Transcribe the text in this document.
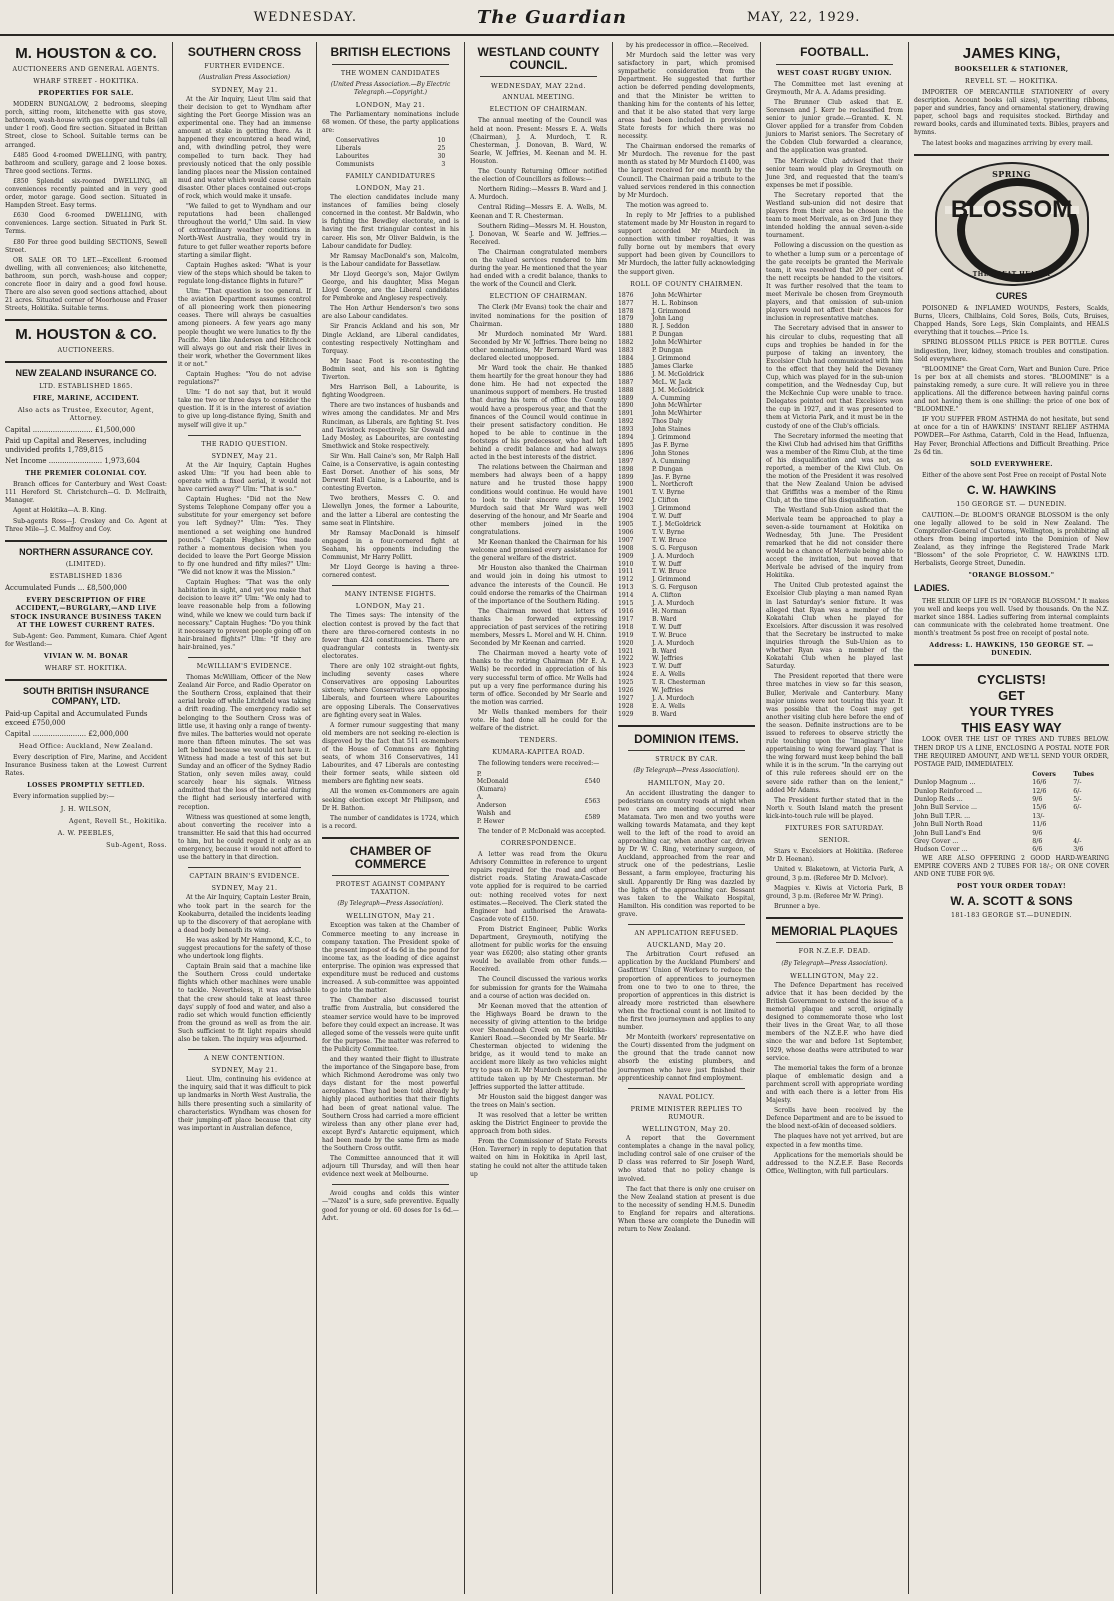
WEDNESDAY.	The Guardian	MAY, 22, 1929.
M. HOUSTON & CO.
AUCTIONEERS AND GENERAL AGENTS.
WHARF STREET - HOKITIKA.
PROPERTIES FOR SALE.

MODERN BUNGALOW, 2 bedrooms, sleeping porch, sitting room, kitchenette with gas stove, bathroom, wash-house with gas copper and tubs (all under 1 roof). Good fire section. Situated in Brittan Street, close to School. Suitable terms can be arranged.

£485 Good 4-roomed DWELLING, with pantry, bathroom and scullery, garage and 2 loose boxes. Three good sections. Terms.

£850 Splendid six-roomed DWELLING, all conveniences recently painted and in very good order, motor garage. Good section. Situated in Hampden Street. Easy terms.

£630 Good 6-roomed DWELLING, with conveniences. Large section. Situated in Park St. Terms.

£80 For three good building SECTIONS, Sewell Street.

OR SALE OR TO LET.—Excellent 6-roomed dwelling, with all conveniences; also kitchenette, bathroom, sun porch, wash-house and copper; concrete floor in dairy and a good fowl house. There are also seven good sections attached, about 21 acres. Situated corner of Moorhouse and Fraser Streets, Hokitika. Suitable terms.

M. HOUSTON & CO.
AUCTIONEERS.
NEW ZEALAND INSURANCE CO.
LTD. ESTABLISHED 1865.
FIRE, MARINE, ACCIDENT.
Also acts as Trustee, Executor, Agent, Attorney.
Capital ........................... £1,500,000
Paid up Capital and Reserves, including undivided profits 1,789,815
Net Income ........................ 1,973,604
THE PREMIER COLONIAL COY.

Branch offices for Canterbury and West Coast: 111 Hereford St. Christchurch—G. D. McIlraith, Manager.

Agent at Hokitika—A. B. King.

Sub-agents Ross—J. Croskey and Co. Agent at Three Mile—J. C. Malfroy and Coy.

NORTHERN ASSURANCE COY.
(LIMITED).
ESTABLISHED 1836
Accumulated Funds ... £8,500,000
EVERY DESCRIPTION OF FIRE ACCIDENT,—BURGLARY,—AND LIVE STOCK INSURANCE BUSINESS TAKEN AT THE LOWEST CURRENT RATES.

Sub-Agent: Geo. Pamment, Kumara. Chief Agent for Westland:—

VIVIAN W. M. BONAR
WHARF ST. HOKITIKA.
SOUTH BRITISH INSURANCE COMPANY, LTD.
Paid-up Capital and Accumulated Funds exceed £750,000
Capital ........................ £2,000,000
Head Office: Auckland, New Zealand.

Every description of Fire, Marine, and Accident Insurance Business taken at the Lowest Current Rates.

LOSSES PROMPTLY SETTLED.

Every information supplied by:—

J. H. WILSON,
Agent, Revell St., Hokitika.
A. W. PEEBLES,
Sub-Agent, Ross.
SOUTHERN CROSS
FURTHER EVIDENCE.
(Australian Press Association)
SYDNEY, May 21.

At the Air Inquiry, Lieut Ulm said that their decision to get to Wyndham after sighting the Port George Mission was an experimental one. They had an immense amount at stake in getting there. As it happened they encountered a head wind, and, with dwindling petrol, they were compelled to turn back. They had previously noticed that the only possible landing places near the Mission contained mud and water which would cause certain disaster. Other places contained out-crops of rock, which would make it unsafe.

"We failed to get to Wyndham and our reputations had been challenged throughout the world," Ulm said. In view of extraordinary weather conditions in North-West Australia, they would try in future to get fuller weather reports before starting a similar flight.

Captain Hughes asked: "What is your view of the steps which should be taken to regulate long-distance flights in future?"

Ulm: "That question is too general. If the aviation Department assumes control of all pioneering work then pioneering ceases. There will always be casualties among pioneers. A few years ago many people thought we were lunatics to fly the Pacific. Men like Anderson and Hitchcock will always go out and risk their lives in their work, whether the Government likes it or not."

Captain Hughes: "You do not advise regulations?"

Ulm: "I do not say that, but it would take me two or three days to consider the question. If it is in the interest of aviation to give up long-distance flying, Smith and myself will give it up."

THE RADIO QUESTION.
SYDNEY, May 21.

At the Air Inquiry, Captain Hughes asked Ulm: "If you had been able to operate with a fixed aerial, it would not have carried away?" Ulm: "That is so."

Captain Hughes: "Did not the New Systems Telephone Company offer you a substitute for your emergency set before you left Sydney?" Ulm: "Yes. They mentioned a set weighing one hundred pounds." Captain Hughes: "You made rather a momentous decision when you decided to leave the Port George Mission to fly one hundred and fifty miles?" Ulm: "We did not know it was the Mission."

Captain Hughes: "That was the only habitation in sight, and yet you make that decision to leave it?" Ulm: "We only had to leave reasonable help from a following wind, while we knew we could turn back if necessary." Captain Hughes: "Do you think it necessary to prevent people going off on hair-brained flights?" Ulm: "If they are hair-brained, yes."

McWILLIAM'S EVIDENCE.

Thomas McWilliam, Officer of the New Zealand Air Force, and Radio Operator on the Southern Cross, explained that their aerial broke off while Litchfield was taking a drift reading. The emergency radio set belonging to the Southern Cross was of little use, it having only a range of twenty-five miles. The batteries would not operate more than fifteen minutes. The set was left behind because we would not have it. Witness had made a test of this set but Sunday and an officer of the Sydney Radio Station, only seven miles away, could scarcely hear his signals. Witness admitted that the loss of the aerial during the flight had seriously interfered with reception.

Witness was questioned at some length, about converting the receiver into a transmitter. He said that this had occurred to him, but he could regard it only as an emergency, because it would not afford to use the battery in that direction.

CAPTAIN BRAIN'S EVIDENCE.
SYDNEY, May 21.

At the Air Inquiry, Captain Lester Brain, who took part in the search for the Kookaburra, detailed the incidents leading up to the discovery of that aeroplane with a dead body beneath its wing.

He was asked by Mr Hammond, K.C., to suggest precautions for the safety of those who undertook long flights.

Captain Brain said that a machine like the Southern Cross could undertake flights which other machines were unable to tackle. Nevertheless, it was advisable that the crew should take at least three days' supply of food and water, and also a radio set which would function efficiently from the ground as well as from the air. Such sufficient to fit light repairs should also be taken. The inquiry was adjourned.

A NEW CONTENTION.
SYDNEY, May 21.

Lieut. Ulm, continuing his evidence at the inquiry, said that it was difficult to pick up landmarks in North West Australia, the hills there presenting such a similarity of characteristics. Wyndham was chosen for their jumping-off place because that city was important in Australian defence,

BRITISH ELECTIONS
THE WOMEN CANDIDATES
(United Press Association.—By Electric Telegraph.—Copyright.)
LONDON, May 21.

The Parliamentary nominations include 68 women. Of these, the party applications are:

Conservatives	10
Liberals	25
Labourites	30
Communists	3
FAMILY CANDIDATURES
LONDON, May 21.

The election candidates include many instances of families being closely concerned in the contest. Mr Baldwin, who is fighting the Bewdley electorate, and is having the first triangular contest in his career. His son, Mr Oliver Baldwin, is the Labour candidate for Dudley.

Mr Ramsay MacDonald's son, Malcolm, is the Labour candidate for Bassetlaw.

Mr Lloyd George's son, Major Gwilym George, and his daughter, Miss Megan Lloyd George, are the Liberal candidates for Pembroke and Anglesey respectively.

The Hon Arthur Henderson's two sons are also Labour candidates.

Sir Francis Ackland and his son, Mr Dingle Ackland, are Liberal candidates, contesting respectively Nottingham and Torquay.

Mr Isaac Foot is re-contesting the Bodmin seat, and his son is fighting Tiverton.

Mrs Harrison Bell, a Labourite, is fighting Woodgreen.

There are two instances of husbands and wives among the candidates. Mr and Mrs Runciman, as Liberals, are fighting St. Ives and Tavistock respectively. Sir Oswald and Lady Mosley, as Labourites, are contesting Smethwick and Stoke respectively.

Sir Wm. Hall Caine's son, Mr Ralph Hall Caine, is a Conservative, is again contesting East Dorset. Another of his sons, Mr Derwent Hall Caine, is a Labourite, and is contesting Everton.

Two brothers, Messrs C. O. and Llewellyn Jones, the former a Labourite, and the latter a Liberal are contesting the same seat in Flintshire.

Mr Ramsay MacDonald is himself engaged in a four-cornered fight at Seaham, his opponents including the Communist, Mr Harry Pollitt.

Mr Lloyd George is having a three-cornered contest.

MANY INTENSE FIGHTS.
LONDON, May 21.

The Times says: The intensity of the election contest is proved by the fact that there are three-cornered contests in no fewer than 424 constituencies. There are quadrangular contests in twenty-six electorates.

There are only 102 straight-out fights, including seventy cases where Conservatives are opposing Labourites sixteen; where Conservatives are opposing Liberals, and fourteen where Labourites are opposing Liberals. The Conservatives are fighting every seat in Wales.

A former rumour suggesting that many old members are not seeking re-election is disproved by the fact that 511 ex-members of the House of Commons are fighting seats, of whom 316 Conservatives, 141 Labourites, and 47 Liberals are contesting their former seats, while sixteen old members are fighting new seats.

All the women ex-Commoners are again seeking election except Mr Philipson, and Dr H. Bathon.

The number of candidates is 1724, which is a record.

CHAMBER OF COMMERCE
PROTEST AGAINST COMPANY TAXATION.
(By Telegraph—Press Association).
WELLINGTON, May 21.

Exception was taken at the Chamber of Commerce meeting to any increase in company taxation. The President spoke of the present impost of 4s 6d in the pound for income tax, as the loading of dice against enterprise. The opinion was expressed that expenditure must be reduced and customs increased. A sub-committee was appointed to go into the matter.

The Chamber also discussed tourist traffic from Australia, but considered the steamer service would have to be improved before they could expect an increase. It was alleged some of the vessels were quite unfit for the purpose. The matter was referred to the Publicity Committee.

and they wanted their flight to illustrate the importance of the Singapore base, from which Richmond Aerodrome was only two days distant for the most powerful aeroplanes. They had been told already by highly placed authorities that their flights had been of great national value. The Southern Cross had carried a more efficient wireless than any other plane ever had, except Byrd's Antarctic equipment, which had been made by the same firm as made the Southern Cross outfit.

The Committee announced that it will adjourn till Thursday, and will then hear evidence next week at Melbourne.

Avoid coughs and colds this winter—"Nazol" is a sure, safe preventive. Equally good for young or old. 60 doses for 1s 6d.—Advt.

WESTLAND COUNTY COUNCIL.
WEDNESDAY, MAY 22nd.
ANNUAL MEETING.
ELECTION OF CHAIRMAN.

The annual meeting of the Council was held at noon. Present: Messrs E. A. Wells (Chairman), J. A. Murdoch, T. R. Chesterman, J. Donovan, B. Ward, W. Searle, W. Jeffries, M. Keenan and M. H. Houston.

The County Returning Officer notified the election of Councillors as follows:—

Northern Riding:—Messrs B. Ward and J. A. Murdoch.

Central Riding—Messrs E. A. Wells, M. Keenan and T. R. Chesterman.

Southern Riding—Messrs M. H. Houston, J. Donovan, W. Searle and W. Jeffries.—Received.

The Chairman congratulated members on the valued services rendered to him during the year. He mentioned that the year had ended with a credit balance, thanks to the work of the Council and Clerk.

ELECTION OF CHAIRMAN.

The Clerk (Mr Evans) took the chair and invited nominations for the position of Chairman.

Mr Murdoch nominated Mr Ward. Seconded by Mr W. Jeffries. There being no other nominations, Mr Bernard Ward was declared elected unopposed.

Mr Ward took the chair. He thanked them heartily for the great honour they had done him. He had not expected the unanimous support of members. He trusted that during his term of office the County would have a prosperous year, and that the finances of the Council would continue in their present satisfactory condition. He hoped to be able to continue in the footsteps of his predecessor, who had left behind a credit balance and had always acted in the best interests of the district.

The relations between the Chairman and members had always been of a happy nature and he trusted those happy conditions would continue. He would have to look to their sincere support. Mr Murdoch said that Mr Ward was well deserving of the honour, and Mr Searle and other members joined in the congratulations.

Mr Keenan thanked the Chairman for his welcome and promised every assistance for the general welfare of the district.

Mr Houston also thanked the Chairman and would join in doing his utmost to advance the interests of the Council. He could endorse the remarks of the Chairman of the importance of the Southern Riding.

The Chairman moved that letters of thanks be forwarded expressing appreciation of past services of the retiring members, Messrs L. Morel and W. H. Chinn. Seconded by Mr Keenan and carried.

The Chairman moved a hearty vote of thanks to the retiring Chairman (Mr E. A. Wells) be recorded in appreciation of his very successful term of office. Mr Wells had put up a very fine performance during his term of office. Seconded by Mr Searle and the motion was carried.

Mr Wells thanked members for their vote. He had done all he could for the welfare of the district.

TENDERS.
KUMARA-KAPITEA ROAD.

The following tenders were received:—

P. McDonald (Kumara)	£540
A. Anderson	£563
Walsh and P. Hewer	£589

The tender of P. McDonald was accepted.

CORRESPONDENCE.

A letter was read from the Okuru Advisory Committee in reference to urgent repairs required for the road and other district roads. Stating Arawata-Cascade vote applied for is required to be carried out: nothing received votes for next estimates.—Received. The Clerk stated the Engineer had authorised the Arawata-Cascade vote of £150.

From District Engineer, Public Works Department, Greymouth, notifying the allotment for public works for the ensuing year was £6200; also stating other grants would be available from other funds.—Received.

The Council discussed the various works for submission for grants for the Waimaha and a course of action was decided on.

Mr Keenan moved that the attention of the Highways Board be drawn to the necessity of giving attention to the bridge over Shenandoah Creek on the Hokitika-Kanieri Road.—Seconded by Mr Searle. Mr Chesterman objected to widening the bridge, as it would tend to make an accident more likely as two vehicles might try to pass on it. Mr Murdoch supported the attitude taken up by Mr Chesterman. Mr Jeffries supported the latter attitude.

Mr Houston said the biggest danger was the trees on Main's section.

It was resolved that a letter be written asking the District Engineer to provide the approach from both sides.

From the Commissioner of State Forests (Hon. Taverner) in reply to deputation that waited on him in Hokitika in April last, stating he could not alter the attitude taken up

by his predecessor in office.—Received.

Mr Murdoch said the letter was very satisfactory in part, which promised sympathetic consideration from the Department. He suggested that further action be deferred pending developments, and that the Minister be written to thanking him for the contents of his letter, and that it be also stated that very large areas had been included in provisional State forests for which there was no necessity.

The Chairman endorsed the remarks of Mr Murdoch. The revenue for the past month as stated by Mr Murdoch £1400, was the largest received for one month by the Council. The Chairman paid a tribute to the valued services rendered in this connection by Mr Murdoch.

The motion was agreed to.

In reply to Mr Jeffries to a published statement made by Mr Houston in regard to support accorded Mr Murdoch in connection with timber royalties, it was fully borne out by members that every support had been given by Councillors to Mr Murdoch, the latter fully acknowledging the support given.

ROLL OF COUNTY CHAIRMEN.
1876	John McWhirter
1877	H. L. Robinson
1878	J. Grimmond
1879	John Lang
1880	R. J. Seddon
1881	P. Dungan
1882	John McWhirter
1883	P. Dungan
1884	J. Grimmond
1885	James Clarke
1886	J. M. McGoldrick
1887	McL. W. Jack
1888	J. M. McGoldrick
1889	A. Cumming
1890	John McWhirter
1891	John McWhirter
1892	Thos Daly
1893	John Staines
1894	J. Grimmond
1895	Jas F. Byrne
1896	John Stones
1897	A. Cumming
1898	P. Dungan
1899	Jas. F. Byrne
1900	L. Northcroft
1901	T. V. Byrne
1902	J. Clifton
1903	J. Grimmond
1904	T. W. Duff
1905	T. J. McGoldrick
1906	T. V. Byrne
1907	T. W. Bruce
1908	S. G. Ferguson
1909	J. A. Murdoch
1910	T. W. Duff
1911	T. W. Bruce
1912	J. Grimmond
1913	S. G. Ferguson
1914	A. Clifton
1915	J. A. Murdoch
1916	H. Norman
1917	B. Ward
1918	T. W. Duff
1919	T. W. Bruce
1920	J. A. Murdoch
1921	B. Ward
1922	W. Jeffries
1923	T. W. Duff
1924	E. A. Wells
1925	T. R. Chesterman
1926	W. Jeffries
1927	J. A. Murdoch
1928	E. A. Wells
1929	B. Ward
DOMINION ITEMS.
STRUCK BY CAR.
(By Telegraph—Press Association).
HAMILTON, May 20.

An accident illustrating the danger to pedestrians on country roads at night when two cars are meeting occurred near Matamata. Two men and two youths were walking towards Matamata, and they kept well to the left of the road to avoid an approaching car, when another car, driven by Dr W. C. Ring, veterinary surgeon, of Auckland, approached from the rear and struck one of the pedestrians, Leslie Bessant, a farm employee, fracturing his skull. Apparently Dr Ring was dazzled by the lights of the approaching car. Bessant was taken to the Waikato Hospital, Hamilton. His condition was reported to be grave.

AN APPLICATION REFUSED.
AUCKLAND, May 20.

The Arbitration Court refused an application by the Auckland Plumbers' and Gasfitters' Union of Workers to reduce the proportion of apprentices to journeymen from one to two to one to three, the proportion of apprentices in this district is already more restricted than elsewhere when the fractional count is not limited to the first two journeymen and applies to any number.

Mr Monteith (workers' representative on the Court) dissented from the judgment on the ground that the trade cannot now absorb the existing plumbers, and journeymen who have just finished their apprenticeship cannot find employment.

NAVAL POLICY.
PRIME MINISTER REPLIES TO RUMOUR.
WELLINGTON, May 20.

A report that the Government contemplates a change in the naval policy, including control sale of one cruiser of the D class was referred to Sir Joseph Ward, who stated that no policy change is involved.

The fact that there is only one cruiser on the New Zealand station at present is due to the necessity of sending H.M.S. Dunedin to England for repairs and alterations. When these are complete the Dunedin will return to New Zealand.

FOOTBALL.
WEST COAST RUGBY UNION.

The Committee met last evening at Greymouth, Mr A. A. Adams presiding.

The Brunner Club asked that E. Sorensen and J. Kerr be reclassified from senior to junior grade.—Granted. K. N. Glover applied for a transfer from Cobden juniors to Marist seniors. The Secretary of the Cobden Club forwarded a clearance, and the application was granted.

The Merivale Club advised that their senior team would play in Greymouth on June 3rd, and requested that the team's expenses be met if possible.

The Secretary reported that the Westland sub-union did not desire that players from their area be chosen in the team to meet Merivale, as on 3rd June they intended holding the annual seven-a-side tournament.

Following a discussion on the question as to whether a lump sum or a percentage of the gate receipts be granted the Merivale team, it was resolved that 20 per cent of the nett receipts be handed to the visitors. It was further resolved that the team to meet Merivale be chosen from Greymouth players, and that omission of sub-union players would not affect their chances for inclusion in representative matches.

The Secretary advised that in answer to his circular to clubs, requesting that all cups and trophies be handed in for the purpose of taking an inventory, the Excelsior Club had communicated with him to the effect that they held the Devaney Cup, which was played for in the sub-union competition, and the Wednesday Cup, but the McKechnie Cup were unable to trace. Delegates pointed out that Excelsiors won the cup in 1927, and it was presented to them at Victoria Park, and it must be in the custody of one of the Club's officials.

The Secretary informed the meeting that the Kiwi Club had advised him that Griffiths was a member of the Rimu Club, at the time of his disqualification and was not, as reported, a member of the Kiwi Club. On the motion of the President it was resolved that the New Zealand Union be advised that Griffiths was a member of the Rimu Club, at the time of his disqualification.

The Westland Sub-Union asked that the Merivale team be approached to play a seven-a-side tournament at Hokitika on Wednesday, 5th June. The President remarked that he did not consider there would be a chance of Merivale being able to accept the invitation, but moved that Merivale be advised of the inquiry from Hokitika.

The United Club protested against the Excelsior Club playing a man named Ryan in last Saturday's senior fixture. It was alleged that Ryan was a member of the Kokatahi Club when he played for Excelsiors. After discussion it was resolved that the Secretary be instructed to make inquiries through the Sub-Union as to whether Ryan was a member of the Kokatahi Club when he played last Saturday.

The President reported that there were three matches in view so far this season, Buller, Merivale and Canterbury. Many major unions were not touring this year. It was possible that the Coast may get another visiting club here before the end of the season. Definite instructions are to be issued to referees to observe strictly the rule touching upon the "imaginary" line appertaining to wing forward play. That is the wing forward must keep behind the ball while it is in the scrum. "In the carrying out of this rule referees should err on the severe side rather than on the lenient," added Mr Adams.

The President further stated that in the North v. South Island match the present kick-into-touch rule will be played.

FIXTURES FOR SATURDAY.
SENIOR.

Stars v. Excelsiors at Hokitika. (Referee Mr D. Heenan).

United v. Blaketown, at Victoria Park, A ground, 3 p.m. (Referee Mr D. McIvor).

Magpies v. Kiwis at Victoria Park, B ground, 3 p.m. (Referee Mr W. Pring).

Brunner a bye.

MEMORIAL PLAQUES
FOR N.Z.E.F. DEAD.
(By Telegraph—Press Association).
WELLINGTON, May 22.

The Defence Department has received advice that it has been decided by the British Government to extend the issue of a memorial plaque and scroll, originally designed to commemorate those who lost their lives in the Great War, to all those members of the N.Z.E.F. who have died since the war and before 1st September, 1929, whose deaths were attributed to war service.

The memorial takes the form of a bronze plaque of emblematic design and a parchment scroll with appropriate wording and with each there is a letter from His Majesty.

Scrolls have been received by the Defence Department and are to be issued to the blood next-of-kin of deceased soldiers.

The plaques have not yet arrived, but are expected in a few months time.

Applications for the memorials should be addressed to the N.Z.E.F. Base Records Office, Wellington, with full particulars.

JAMES KING,
BOOKSELLER & STATIONER,
REVELL ST. — HOKITIKA.

IMPORTER OF MERCANTILE STATIONERY of every description. Account books (all sizes), typewriting ribbons, paper and sundries, fancy and ornamental stationery, drawing paper, school bags and requisites stocked. Birthday and reward books, cards and illuminated texts. Bibles, prayers and hymns.

The latest books and magazines arriving by every mail.

SPRING
BLOSSOM
THE GREAT HEALER
CURES

POISONED & INFLAMED WOUNDS, Festers, Scalds, Burns, Ulcers, Chilblains, Cold Sores, Boils, Cuts, Bruises, Chapped Hands, Sore Legs, Skin Complaints, and HEALS everything that it touches.—Price 1s.

SPRING BLOSSOM PILLS PRICE is PER BOTTLE. Cures indigestion, liver, kidney, stomach troubles and constipation. Sold everywhere.

"BLOOMINE" the Great Corn, Wart and Bunion Cure. Price 1s per box at all chemists and stores. "BLOOMINE" is a painstaking remedy, a sure cure. It will relieve you in three applications. All the difference between having painful corns and not having them is one shilling: the price of one box of "BLOOMINE."

IF YOU SUFFER FROM ASTHMA do not hesitate, but send at once for a tin of HAWKINS' INSTANT RELIEF ASTHMA POWDER—For Asthma, Catarrh, Cold in the Head, Influenza, Hay Fever, Bronchial Affections and Difficult Breathing. Price 2s 6d tin.

SOLD EVERYWHERE.

Either of the above sent Post Free on receipt of Postal Note

C. W. HAWKINS
150 GEORGE ST. — DUNEDIN.

CAUTION.—Dr. BLOOM'S ORANGE BLOSSOM is the only one legally allowed to be sold in New Zealand. The Comptroller-General of Customs, Wellington, is prohibiting all others from being imported into the Dominion of New Zealand, as they infringe the Registered Trade Mark "Blossom" of the sole Proprietor, C. W. HAWKINS LTD. Herbalists, George Street, Dunedin.

"ORANGE BLOSSOM."
LADIES.

THE ELIXIR OF LIFE IS IN "ORANGE BLOSSOM." It makes you well and keeps you well. Used by thousands. On the N.Z. market since 1884. Ladies suffering from internal complaints can communicate with the celebrated home treatment. One month's treatment 5s post free on receipt of postal note.

Address: L. HAWKINS, 150 GEORGE ST. — DUNEDIN.
CYCLISTS!
GET
YOUR TYRES
THIS EASY WAY

LOOK OVER THE LIST OF TYRES AND TUBES BELOW. THEN DROP US A LINE, ENCLOSING A POSTAL NOTE FOR THE REQUIRED AMOUNT, AND WE'LL SEND YOUR ORDER, POSTAGE PAID, IMMEDIATELY.

	Covers	Tubes
Dunlop Magnum ...	16/6	7/-
Dunlop Reinforced ...	12/6	6/-
Dunlop Reds ...	9/6	5/-
John Bull Service ...	15/6	6/-
John Bull T.P.R. ...	13/-	
John Bull North Road	11/6	
John Bull Land's End	9/6	
Grey Cover ...	8/6	4/-
Hudson Cover ...	6/6	3/6

WE ARE ALSO OFFERING 2 GOOD HARD-WEARING EMPIRE COVERS AND 2 TUBES FOR 18/-; OR ONE COVER AND ONE TUBE FOR 9/6.

POST YOUR ORDER TODAY!
W. A. SCOTT & SONS
181-183 GEORGE ST.—DUNEDIN.
